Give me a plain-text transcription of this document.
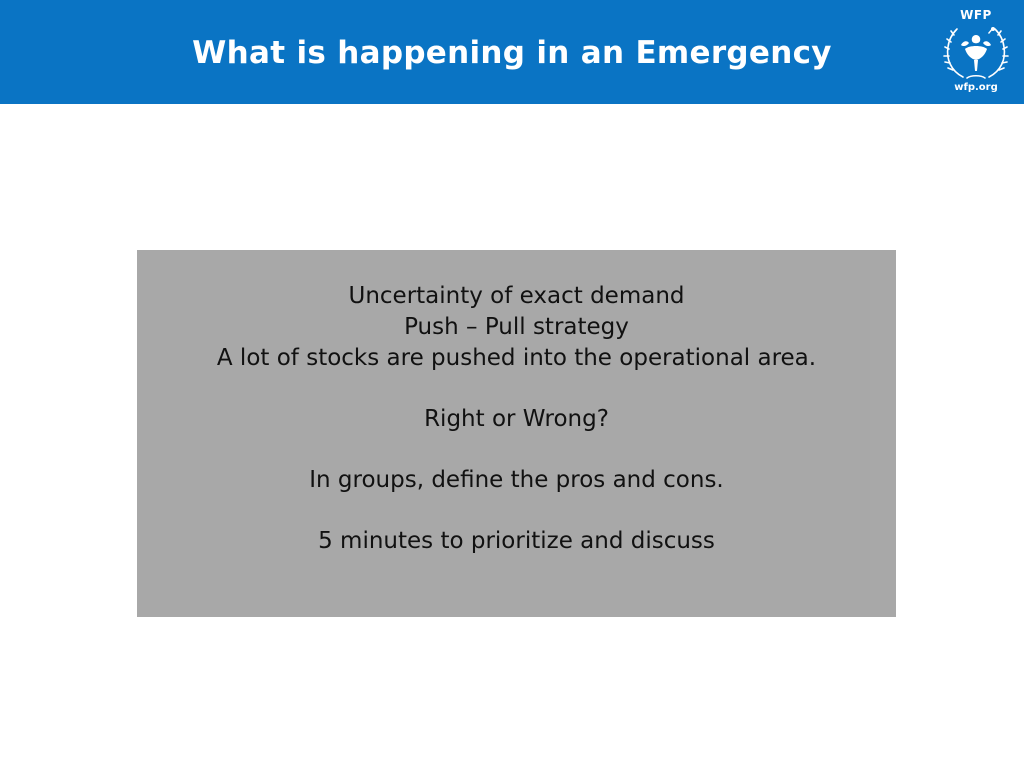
What is happening in an Emergency
WFP
wfp.org

Uncertainty of exact demand

Push – Pull strategy

A lot of stocks are pushed into the operational area.

Right or Wrong?

In groups, define the pros and cons.

5 minutes to prioritize and discuss
